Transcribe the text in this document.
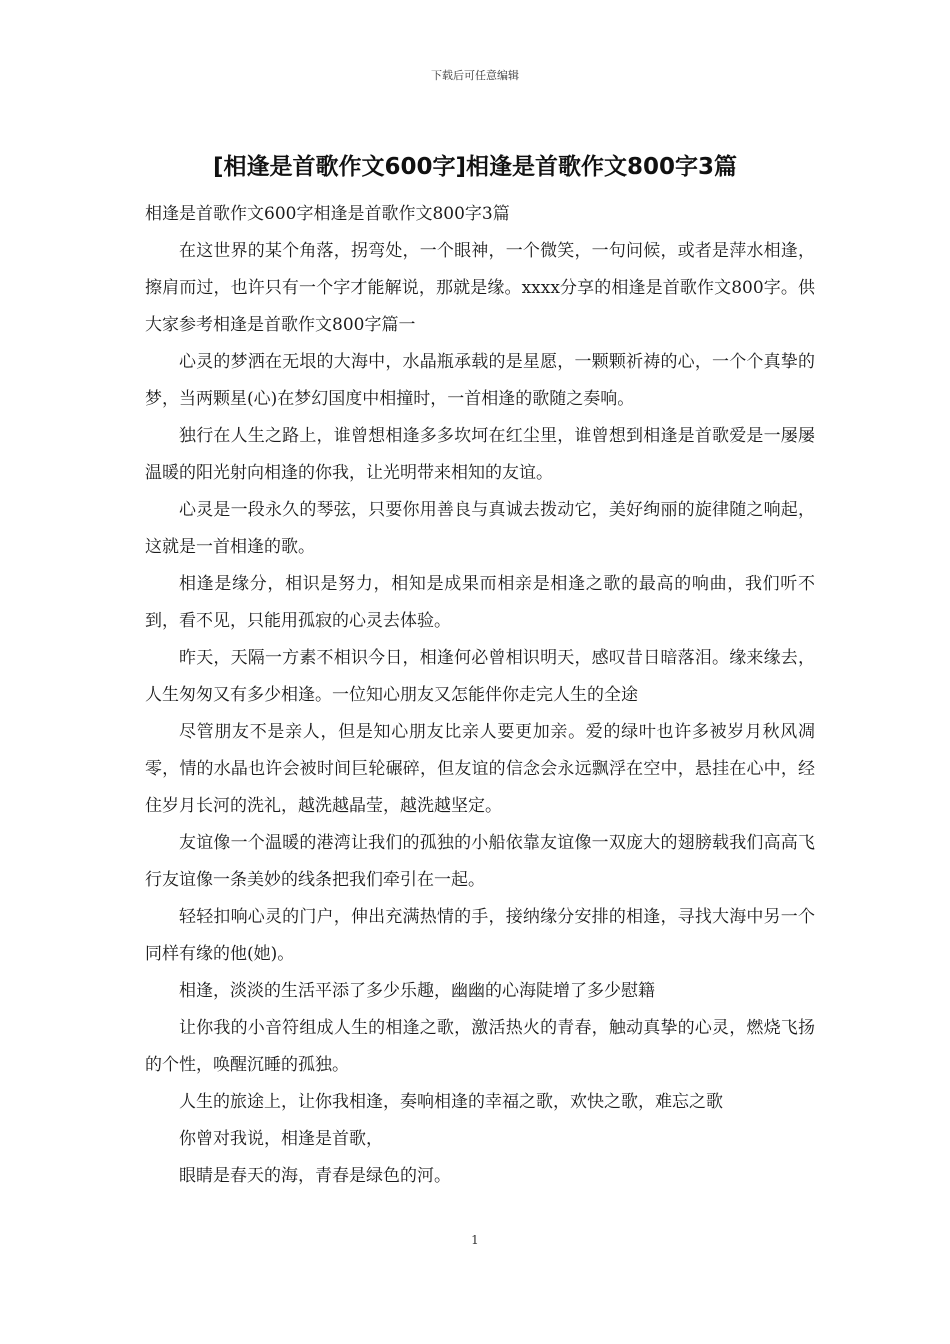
下载后可任意编辑
[相逢是首歌作文600字]相逢是首歌作文800字3篇

相逢是首歌作文600字相逢是首歌作文800字3篇

在这世界的某个角落，拐弯处，一个眼神，一个微笑，一句问候，或者是萍水相逢，擦肩而过，也许只有一个字才能解说，那就是缘。xxxx分享的相逢是首歌作文800字。供大家参考相逢是首歌作文800字篇一

心灵的梦洒在无垠的大海中，水晶瓶承载的是星愿，一颗颗祈祷的心，一个个真挚的梦，当两颗星(心)在梦幻国度中相撞时，一首相逢的歌随之奏响。

独行在人生之路上，谁曾想相逢多多坎坷在红尘里，谁曾想到相逢是首歌爱是一屡屡温暖的阳光射向相逢的你我，让光明带来相知的友谊。

心灵是一段永久的琴弦，只要你用善良与真诚去拨动它，美好绚丽的旋律随之响起，这就是一首相逢的歌。

相逢是缘分，相识是努力，相知是成果而相亲是相逢之歌的最高的响曲，我们听不到，看不见，只能用孤寂的心灵去体验。

昨天，天隔一方素不相识今日，相逢何必曾相识明天，感叹昔日暗落泪。缘来缘去，人生匆匆又有多少相逢。一位知心朋友又怎能伴你走完人生的全途

尽管朋友不是亲人，但是知心朋友比亲人要更加亲。爱的绿叶也许多被岁月秋风凋零，情的水晶也许会被时间巨轮碾碎，但友谊的信念会永远飘浮在空中，悬挂在心中，经住岁月长河的洗礼，越洗越晶莹，越洗越坚定。

友谊像一个温暖的港湾让我们的孤独的小船依靠友谊像一双庞大的翅膀载我们高高飞行友谊像一条美妙的线条把我们牵引在一起。

轻轻扣响心灵的门户，伸出充满热情的手，接纳缘分安排的相逢，寻找大海中另一个同样有缘的他(她)。

相逢，淡淡的生活平添了多少乐趣，幽幽的心海陡增了多少慰籍

让你我的小音符组成人生的相逢之歌，激活热火的青春，触动真挚的心灵，燃烧飞扬的个性，唤醒沉睡的孤独。

人生的旅途上，让你我相逢，奏响相逢的幸福之歌，欢快之歌，难忘之歌

你曾对我说，相逢是首歌，

眼睛是春天的海，青春是绿色的河。

1
